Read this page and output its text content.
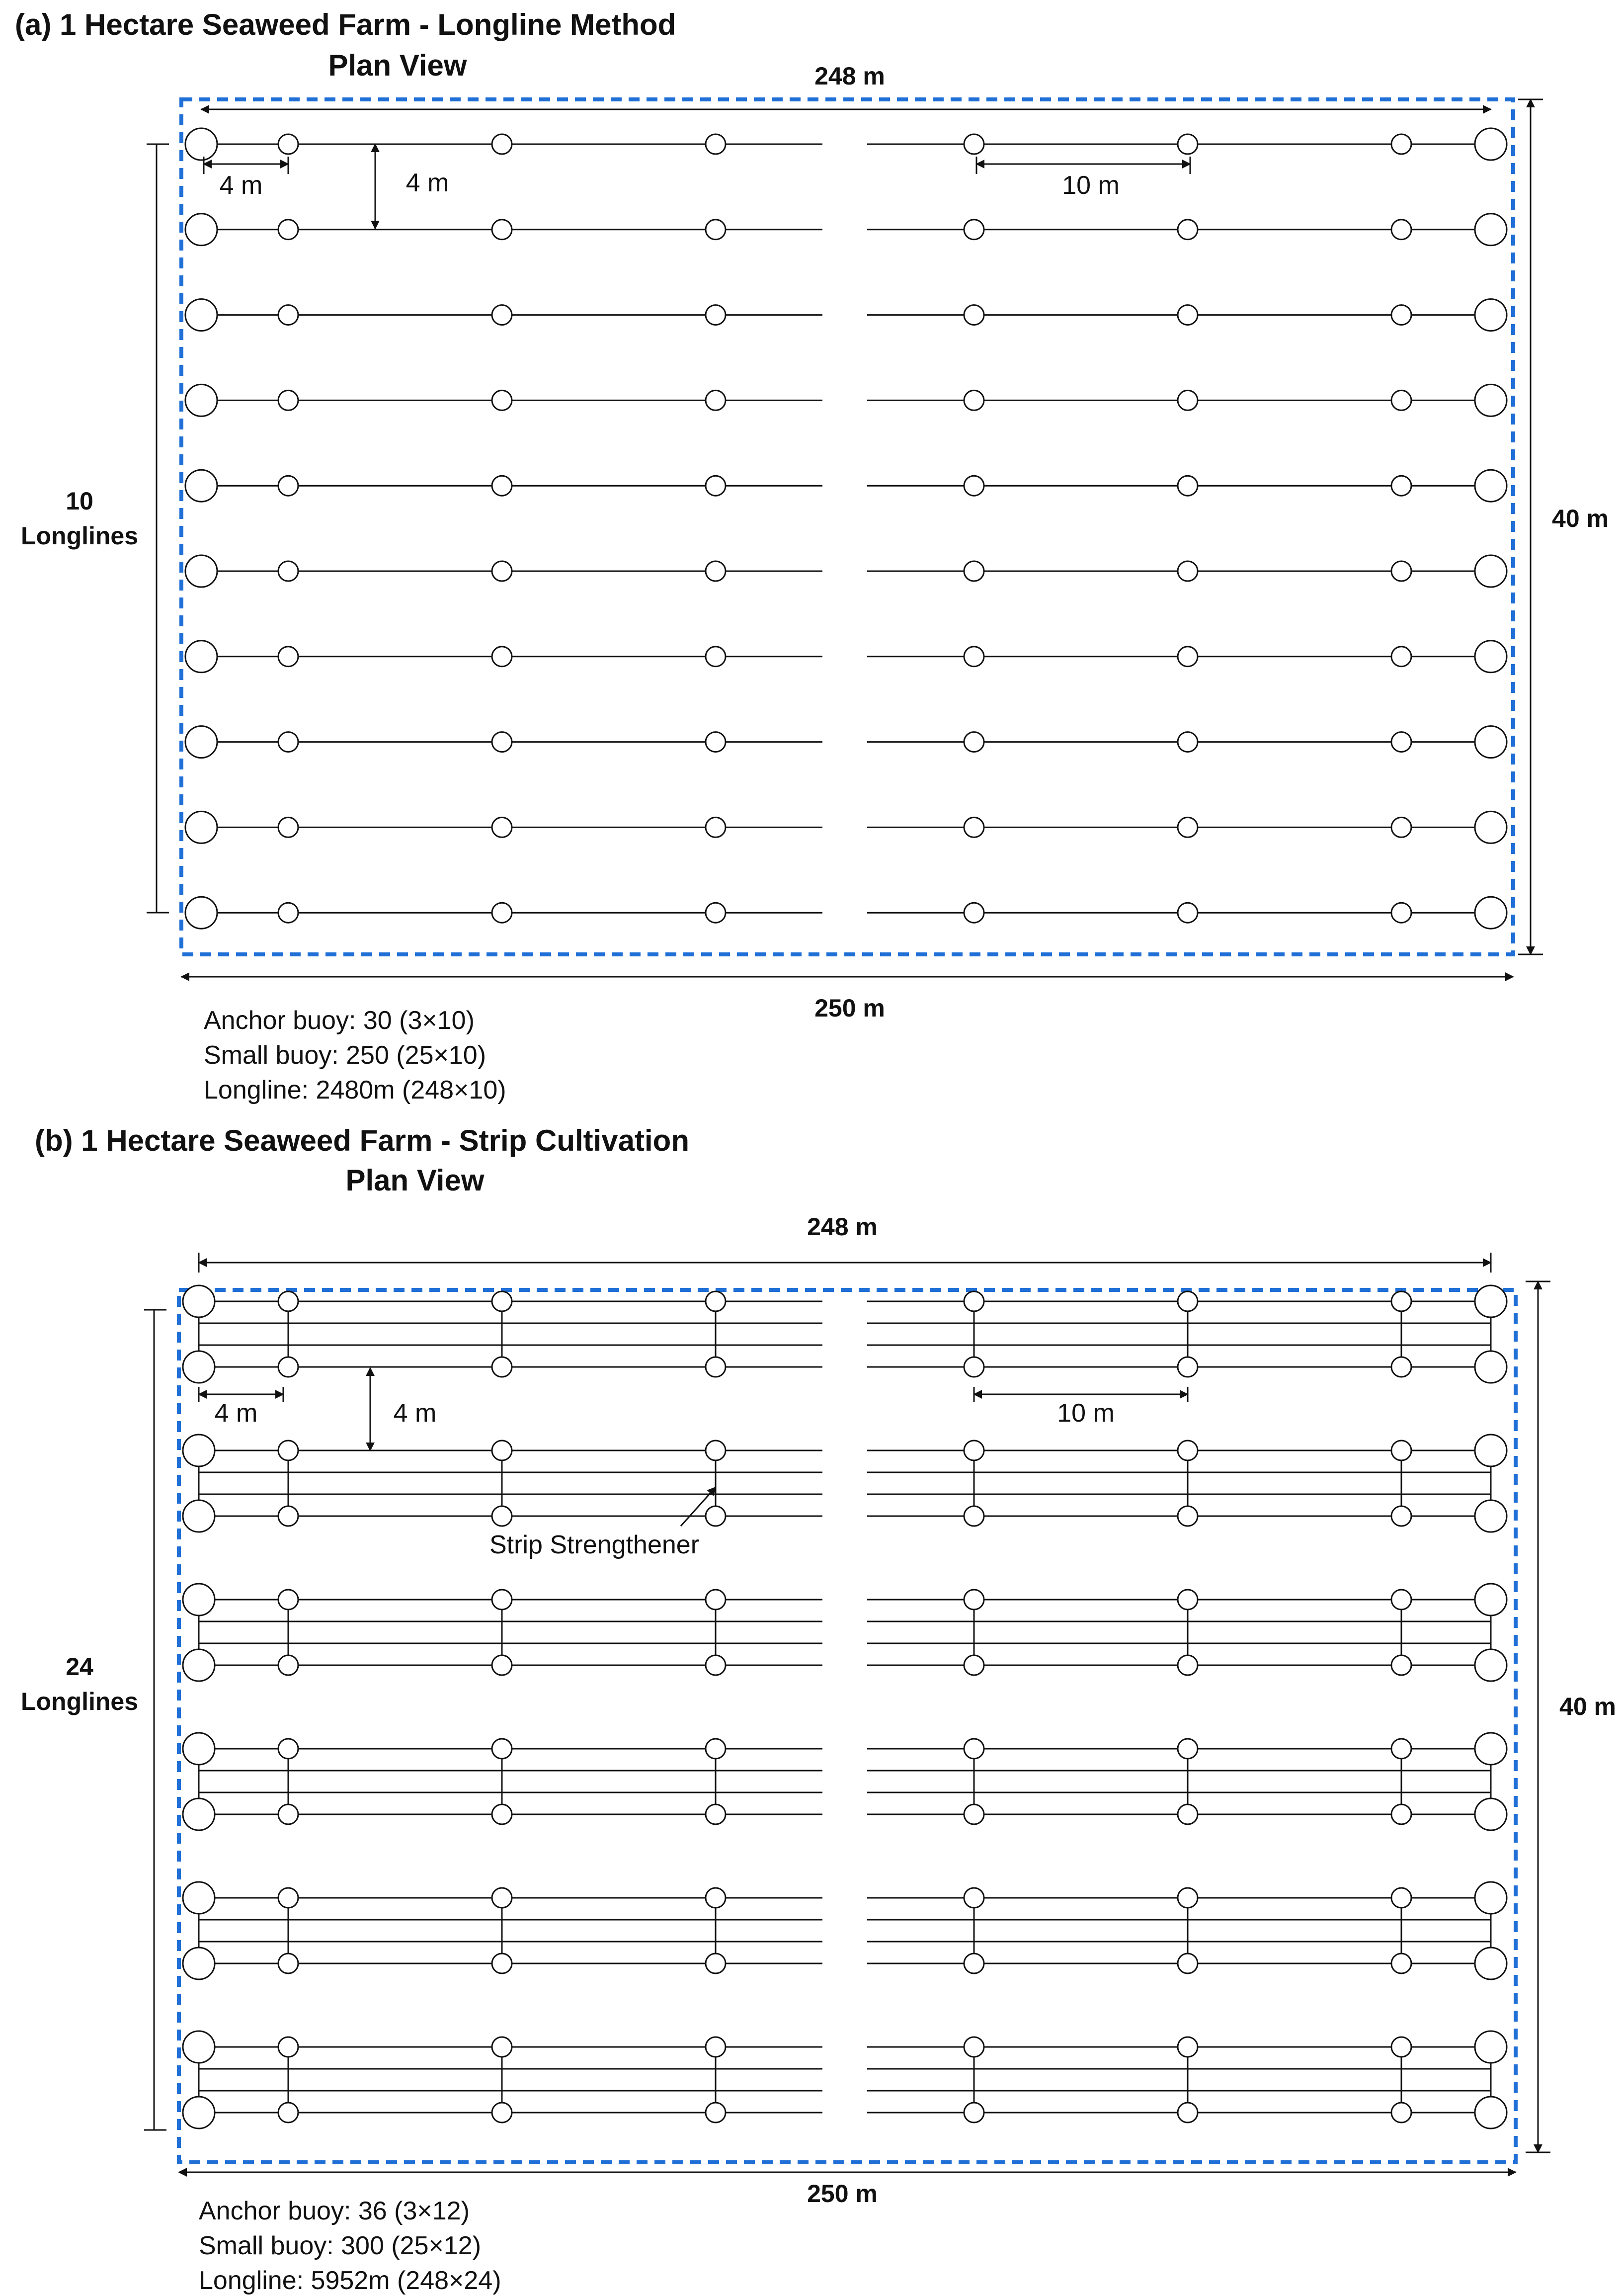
(a) 1 Hectare Seaweed Farm - Longline Method
Plan View	248 m
250 m
40 m
10
Longlines
4 m	4 m	10 m
Anchor buoy: 30 (3×10)
Small buoy: 250 (25×10)
Longline: 2480m (248×10)
(b) 1 Hectare Seaweed Farm - Strip Cultivation
Plan View
248 m
250 m
40 m
24
Longlines
4 m	4 m	10 m
Strip Strengthener
Anchor buoy: 36 (3×12)
Small buoy: 300 (25×12)
Longline: 5952m (248×24)
